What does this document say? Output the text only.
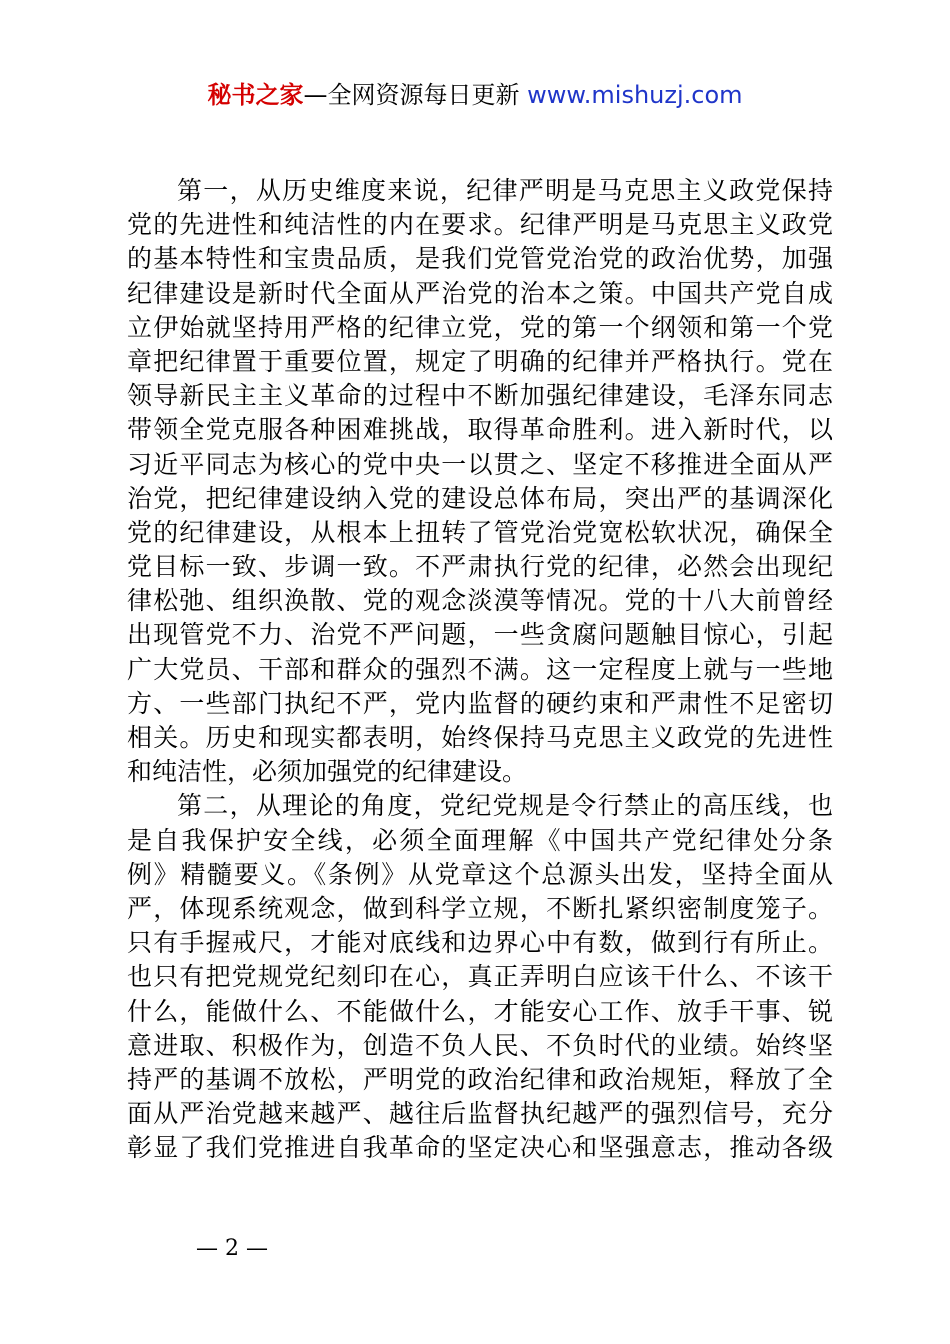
秘书之家—全网资源每日更新 www.mishuzj.com
第一，从历史维度来说，纪律严明是马克思主义政党保持
党的先进性和纯洁性的内在要求。纪律严明是马克思主义政党
的基本特性和宝贵品质，是我们党管党治党的政治优势，加强
纪律建设是新时代全面从严治党的治本之策。中国共产党自成
立伊始就坚持用严格的纪律立党，党的第一个纲领和第一个党
章把纪律置于重要位置，规定了明确的纪律并严格执行。党在
领导新民主主义革命的过程中不断加强纪律建设，毛泽东同志
带领全党克服各种困难挑战，取得革命胜利。进入新时代，以
习近平同志为核心的党中央一以贯之、坚定不移推进全面从严
治党，把纪律建设纳入党的建设总体布局，突出严的基调深化
党的纪律建设，从根本上扭转了管党治党宽松软状况，确保全
党目标一致、步调一致。不严肃执行党的纪律，必然会出现纪
律松弛、组织涣散、党的观念淡漠等情况。党的十八大前曾经
出现管党不力、治党不严问题，一些贪腐问题触目惊心，引起
广大党员、干部和群众的强烈不满。这一定程度上就与一些地
方、一些部门执纪不严，党内监督的硬约束和严肃性不足密切
相关。历史和现实都表明，始终保持马克思主义政党的先进性
和纯洁性，必须加强党的纪律建设。
第二，从理论的角度，党纪党规是令行禁止的高压线，也
是自我保护安全线，必须全面理解《中国共产党纪律处分条
例》精髓要义。《条例》从党章这个总源头出发，坚持全面从
严，体现系统观念，做到科学立规，不断扎紧织密制度笼子。
只有手握戒尺，才能对底线和边界心中有数，做到行有所止。
也只有把党规党纪刻印在心，真正弄明白应该干什么、不该干
什么，能做什么、不能做什么，才能安心工作、放手干事、锐
意进取、积极作为，创造不负人民、不负时代的业绩。始终坚
持严的基调不放松，严明党的政治纪律和政治规矩，释放了全
面从严治党越来越严、越往后监督执纪越严的强烈信号，充分
彰显了我们党推进自我革命的坚定决心和坚强意志，推动各级
— 2 —
